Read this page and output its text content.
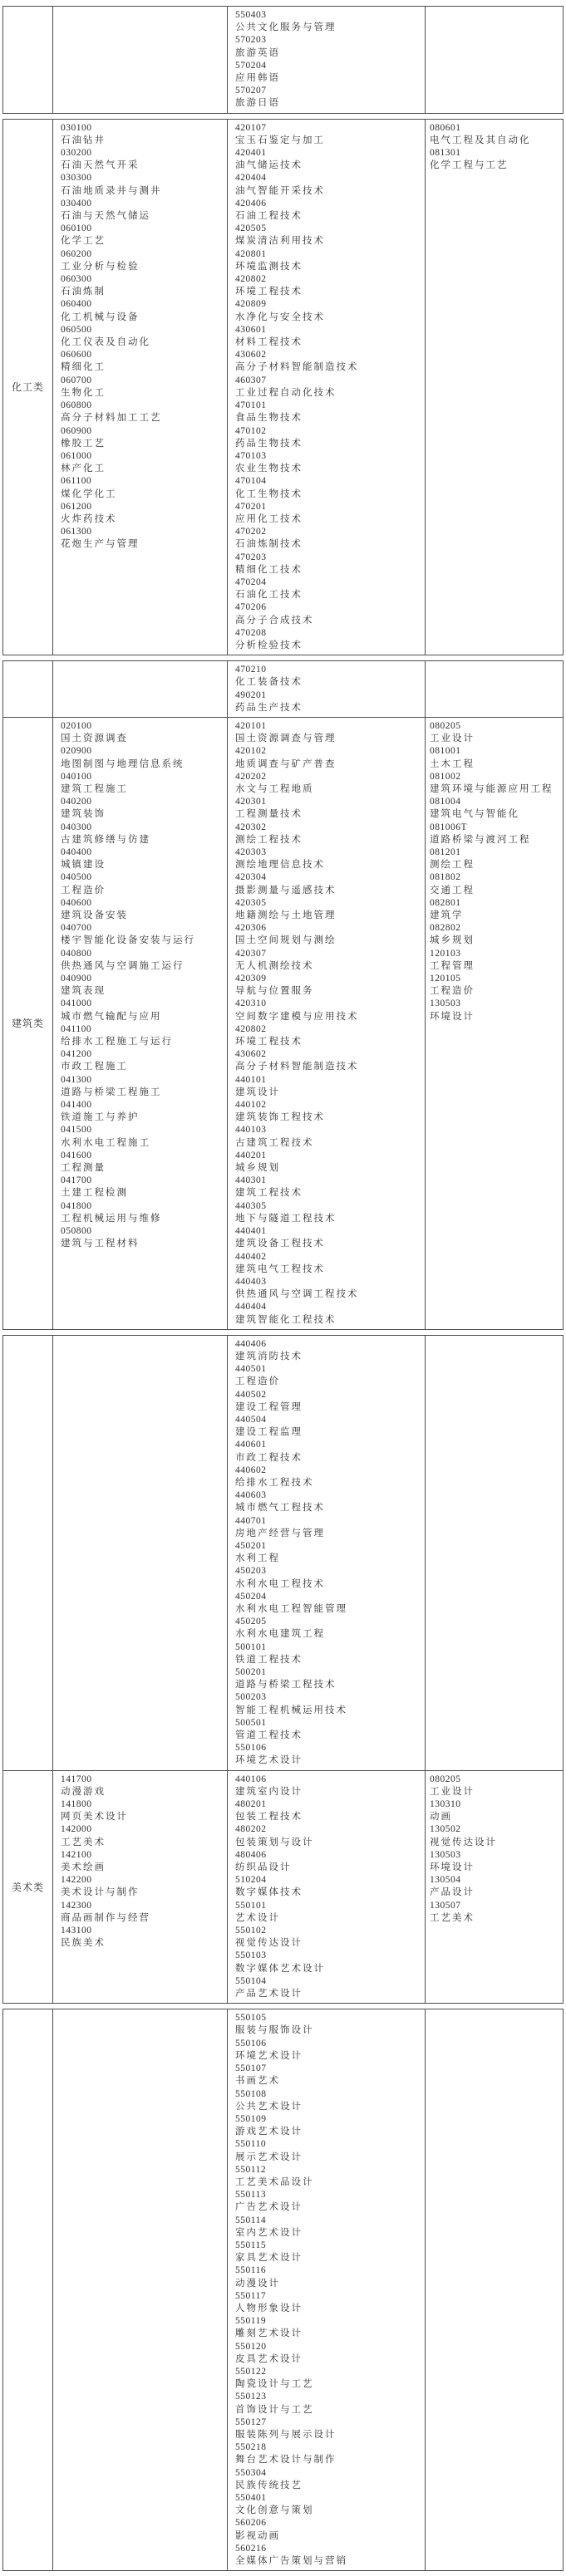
550403
公共文化服务与管理
570203
旅游英语
570204
应用韩语
570207
旅游日语
化工类
030100
石油钻井
030200
石油天然气开采
030300
石油地质录井与测井
030400
石油与天然气储运
060100
化学工艺
060200
工业分析与检验
060300
石油炼制
060400
化工机械与设备
060500
化工仪表及自动化
060600
精细化工
060700
生物化工
060800
高分子材料加工工艺
060900
橡胶工艺
061000
林产化工
061100
煤化学化工
061200
火炸药技术
061300
花炮生产与管理
420107
宝玉石鉴定与加工
420401
油气储运技术
420404
油气智能开采技术
420406
石油工程技术
420505
煤炭清洁利用技术
420801
环境监测技术
420802
环境工程技术
420809
水净化与安全技术
430601
材料工程技术
430602
高分子材料智能制造技术
460307
工业过程自动化技术
470101
食品生物技术
470102
药品生物技术
470103
农业生物技术
470104
化工生物技术
470201
应用化工技术
470202
石油炼制技术
470203
精细化工技术
470204
石油化工技术
470206
高分子合成技术
470208
分析检验技术
080601
电气工程及其自动化
081301
化学工程与工艺
470210
化工装备技术
490201
药品生产技术
建筑类
020100
国土资源调查
020900
地图制图与地理信息系统
040100
建筑工程施工
040200
建筑装饰
040300
古建筑修缮与仿建
040400
城镇建设
040500
工程造价
040600
建筑设备安装
040700
楼宇智能化设备安装与运行
040800
供热通风与空调施工运行
040900
建筑表现
041000
城市燃气输配与应用
041100
给排水工程施工与运行
041200
市政工程施工
041300
道路与桥梁工程施工
041400
铁道施工与养护
041500
水利水电工程施工
041600
工程测量
041700
土建工程检测
041800
工程机械运用与维修
050800
建筑与工程材料
420101
国土资源调查与管理
420102
地质调查与矿产普查
420202
水文与工程地质
420301
工程测量技术
420302
测绘工程技术
420303
测绘地理信息技术
420304
摄影测量与遥感技术
420305
地籍测绘与土地管理
420306
国土空间规划与测绘
420307
无人机测绘技术
420309
导航与位置服务
420310
空间数字建模与应用技术
420802
环境工程技术
430602
高分子材料智能制造技术
440101
建筑设计
440102
建筑装饰工程技术
440103
古建筑工程技术
440201
城乡规划
440301
建筑工程技术
440305
地下与隧道工程技术
440401
建筑设备工程技术
440402
建筑电气工程技术
440403
供热通风与空调工程技术
440404
建筑智能化工程技术
080205
工业设计
081001
土木工程
081002
建筑环境与能源应用工程
081004
建筑电气与智能化
081006T
道路桥梁与渡河工程
081201
测绘工程
081802
交通工程
082801
建筑学
082802
城乡规划
120103
工程管理
120105
工程造价
130503
环境设计
440406
建筑消防技术
440501
工程造价
440502
建设工程管理
440504
建设工程监理
440601
市政工程技术
440602
给排水工程技术
440603
城市燃气工程技术
440701
房地产经营与管理
450201
水利工程
450203
水利水电工程技术
450204
水利水电工程智能管理
450205
水利水电建筑工程
500101
铁道工程技术
500201
道路与桥梁工程技术
500203
智能工程机械运用技术
500501
管道工程技术
550106
环境艺术设计
美术类
141700
动漫游戏
141800
网页美术设计
142000
工艺美术
142100
美术绘画
142200
美术设计与制作
142300
商品画制作与经营
143100
民族美术
440106
建筑室内设计
480201
包装工程技术
480202
包装策划与设计
480406
纺织品设计
510204
数字媒体技术
550101
艺术设计
550102
视觉传达设计
550103
数字媒体艺术设计
550104
产品艺术设计
080205
工业设计
130310
动画
130502
视觉传达设计
130503
环境设计
130504
产品设计
130507
工艺美术
550105
服装与服饰设计
550106
环境艺术设计
550107
书画艺术
550108
公共艺术设计
550109
游戏艺术设计
550110
展示艺术设计
550112
工艺美术品设计
550113
广告艺术设计
550114
室内艺术设计
550115
家具艺术设计
550116
动漫设计
550117
人物形象设计
550119
雕刻艺术设计
550120
皮具艺术设计
550122
陶瓷设计与工艺
550123
首饰设计与工艺
550127
服装陈列与展示设计
550218
舞台艺术设计与制作
550304
民族传统技艺
550401
文化创意与策划
560206
影视动画
560216
全媒体广告策划与营销
